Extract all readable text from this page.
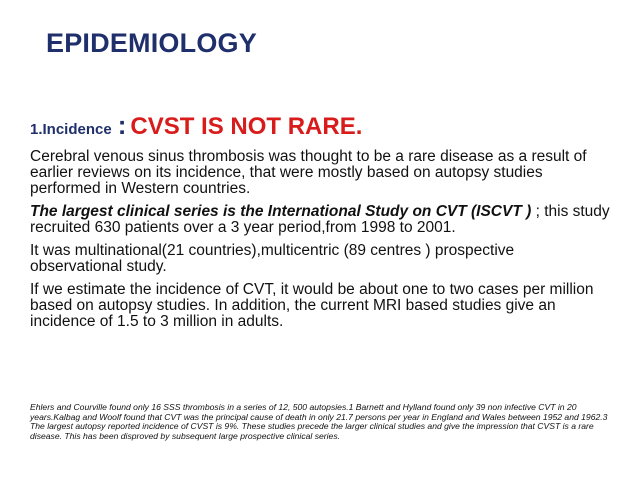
EPIDEMIOLOGY
1.Incidence : CVST IS NOT RARE.

Cerebral venous sinus thrombosis was thought to be a rare disease as a result of earlier reviews on its incidence, that were mostly based on autopsy studies performed in Western countries.

The largest clinical series is the International Study on CVT (ISCVT ) ; this study recruited 630 patients over a 3 year period,from 1998 to 2001.

It was multinational(21 countries),multicentric (89 centres ) prospective observational study.

If we estimate the incidence of CVT, it would be about one to two cases per million based on autopsy studies. In addition, the current MRI based studies give an incidence of 1.5 to 3 million in adults.

Ehlers and Courville found only 16 SSS thrombosis in a series of 12, 500 autopsies.1 Barnett and Hylland found only 39 non infective CVT in 20 years.Kalbag and Woolf found that CVT was the principal cause of death in only 21.7 persons per year in England and Wales between 1952 and 1962.3 The largest autopsy reported incidence of CVST is 9%. These studies precede the larger clinical studies and give the impression that CVST is a rare disease. This has been disproved by subsequent large prospective clinical series.
